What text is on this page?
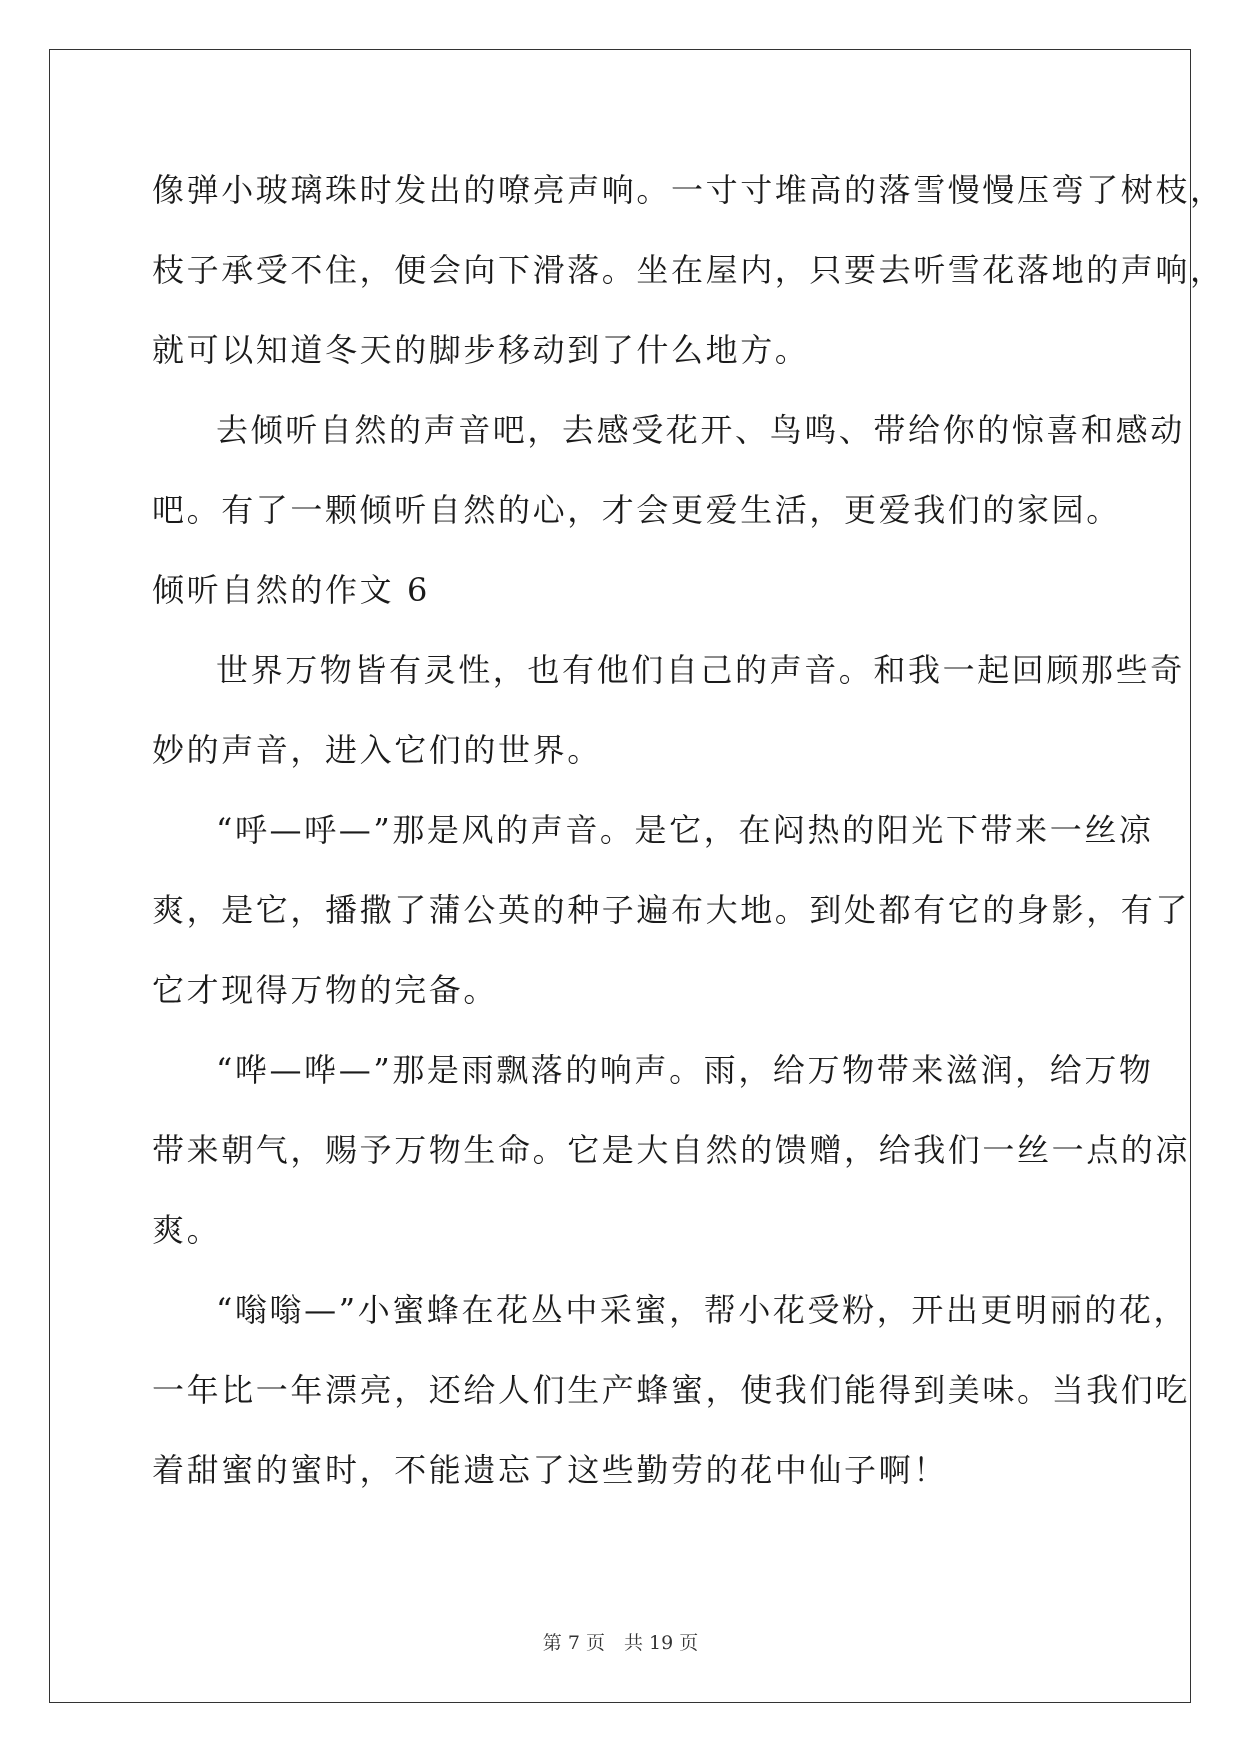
像弹小玻璃珠时发出的嘹亮声响。一寸寸堆高的落雪慢慢压弯了树枝，
枝子承受不住，便会向下滑落。坐在屋内，只要去听雪花落地的声响，
就可以知道冬天的脚步移动到了什么地方。
去倾听自然的声音吧，去感受花开、鸟鸣、带给你的惊喜和感动
吧。有了一颗倾听自然的心，才会更爱生活，更爱我们的家园。
倾听自然的作文 6
世界万物皆有灵性，也有他们自己的声音。和我一起回顾那些奇
妙的声音，进入它们的世界。
“呼—呼—”那是风的声音。是它，在闷热的阳光下带来一丝凉
爽，是它，播撒了蒲公英的种子遍布大地。到处都有它的身影，有了
它才现得万物的完备。
“哗—哗—”那是雨飘落的响声。雨，给万物带来滋润，给万物
带来朝气，赐予万物生命。它是大自然的馈赠，给我们一丝一点的凉
爽。
“嗡嗡—”小蜜蜂在花丛中采蜜，帮小花受粉，开出更明丽的花，
一年比一年漂亮，还给人们生产蜂蜜，使我们能得到美味。当我们吃
着甜蜜的蜜时，不能遗忘了这些勤劳的花中仙子啊！
第 7 页　共 19 页
